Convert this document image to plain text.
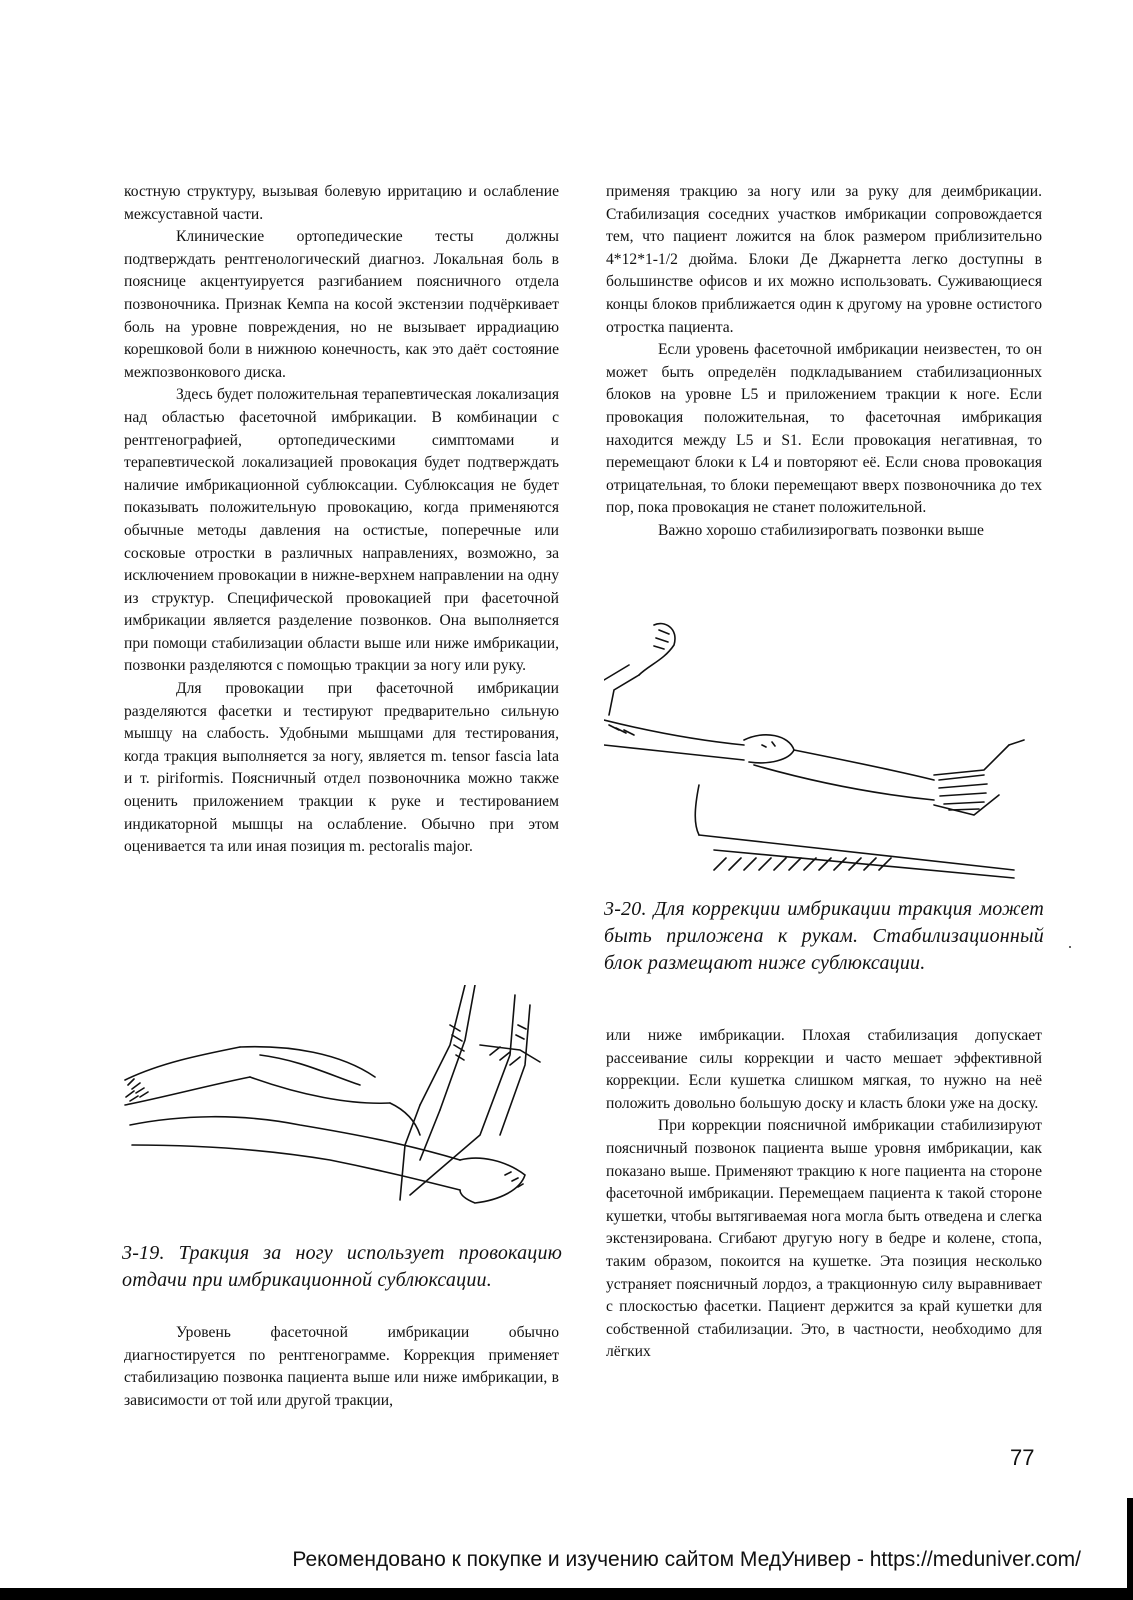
костную структуру, вызывая болевую ирритацию и ослабление межсуставной части.

Клинические ортопедические тесты должны подтверждать рентгенологический диагноз. Локальная боль в пояснице акцентуируется разгибанием поясничного отдела позвоночника. Признак Кемпа на косой экстензии подчёркивает боль на уровне повреждения, но не вызывает иррадиацию корешковой боли в нижнюю конечность, как это даёт состояние межпозвонкового диска.

Здесь будет положительная терапевтическая локализация над областью фасеточной имбрикации. В комбинации с рентгенографией, ортопедическими симптомами и терапевтической локализацией провокация будет подтверждать наличие имбрикационной сублюксации. Сублюксация не будет показывать положительную провокацию, когда применяются обычные методы давления на остистые, поперечные или сосковые отростки в различных направлениях, возможно, за исключением провокации в нижне-верхнем направлении на одну из структур. Специфической провокацией при фасеточной имбрикации является разделение позвонков. Она выполняется при помощи стабилизации области выше или ниже имбрикации, позвонки разделяются с помощью тракции за ногу или руку.

Для провокации при фасеточной имбрикации разделяются фасетки и тестируют предварительно сильную мышцу на слабость. Удобными мышцами для тестирования, когда тракция выполняется за ногу, является m. tensor fascia lata и т. piriformis. Поясничный отдел позвоночника можно также оценить приложением тракции к руке и тестированием индикаторной мышцы на ослабление. Обычно при этом оценивается та или иная позиция m. pectoralis major.

3-19. Тракция за ногу использует провокацию отдачи при имбрикационной сублюксации.

Уровень фасеточной имбрикации обычно диагностируется по рентгенограмме. Коррекция применяет стабилизацию позвонка пациента выше или ниже имбрикации, в зависимости от той или другой тракции,

применяя тракцию за ногу или за руку для деимбрикации. Стабилизация соседних участков имбрикации сопровождается тем, что пациент ложится на блок размером приблизительно 4*12*1-1/2 дюйма. Блоки Де Джарнетта легко доступны в большинстве офисов и их можно использовать. Суживающиеся концы блоков приближается один к другому на уровне остистого отростка пациента.

Если уровень фасеточной имбрикации неизвестен, то он может быть определён подкладыванием стабилизационных блоков на уровне L5 и приложением тракции к ноге. Если провокация положительная, то фасеточная имбрикация находится между L5 и S1. Если провокация негативная, то перемещают блоки к L4 и повторяют её. Если снова провокация отрицательная, то блоки перемещают вверх позвоночника до тех пор, пока провокация не станет положительной.

Важно хорошо стабилизирогвать позвонки выше

3-20. Для коррекции имбрикации тракция может быть приложена к рукам. Стабилизационный блок размещают ниже сублюксации.

или ниже имбрикации. Плохая стабилизация допускает рассеивание силы коррекции и часто мешает эффективной коррекции. Если кушетка слишком мягкая, то нужно на неё положить довольно большую доску и класть блоки уже на доску.

При коррекции поясничной имбрикации стабилизируют поясничный позвонок пациента выше уровня имбрикации, как показано выше. Применяют тракцию к ноге пациента на стороне фасеточной имбрикации. Перемещаем пациента к такой стороне кушетки, чтобы вытягиваемая нога могла быть отведена и слегка экстензирована. Сгибают другую ногу в бедре и колене, стопа, таким образом, покоится на кушетке. Эта позиция несколько устраняет поясничный лордоз, а тракционную силу выравнивает с плоскостью фасетки. Пациент держится за край кушетки для собственной стабилизации. Это, в частности, необходимо для лёгких

77
Рекомендовано к покупке и изучению сайтом МедУнивер - https://meduniver.com/
